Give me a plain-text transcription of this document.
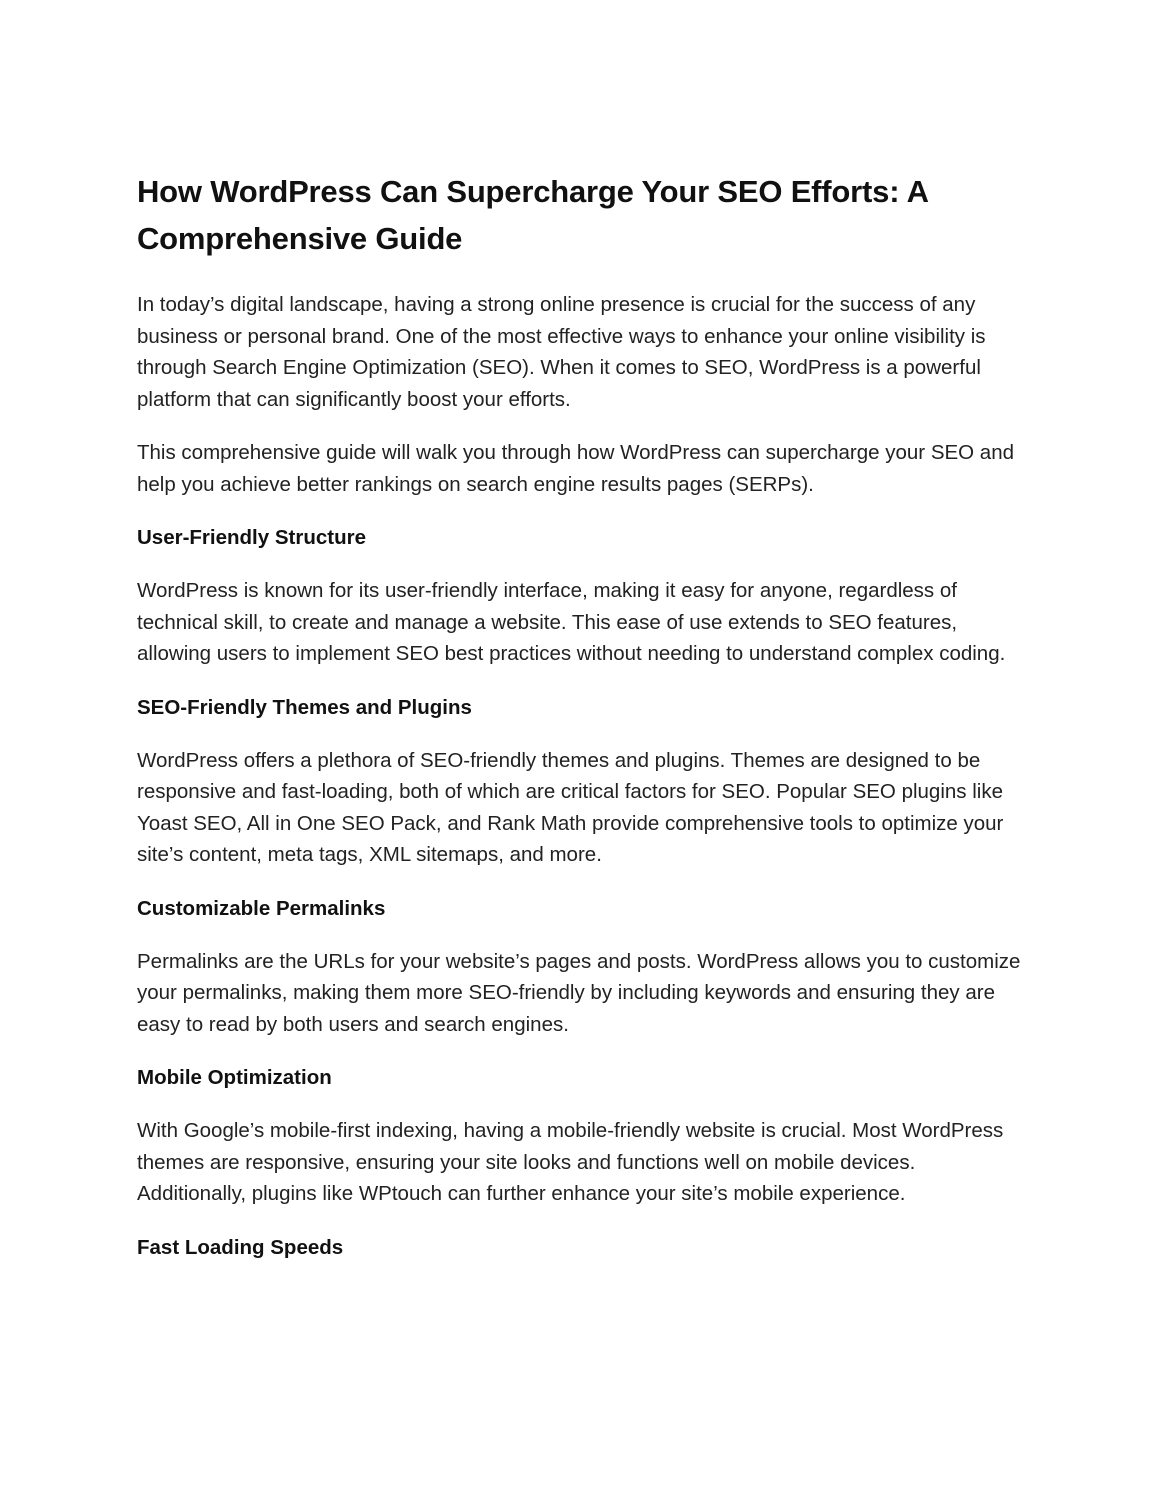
How WordPress Can Supercharge Your SEO Efforts: A Comprehensive Guide

In today’s digital landscape, having a strong online presence is crucial for the success of any business or personal brand. One of the most effective ways to enhance your online visibility is through Search Engine Optimization (SEO). When it comes to SEO, WordPress is a powerful platform that can significantly boost your efforts.

This comprehensive guide will walk you through how WordPress can supercharge your SEO and help you achieve better rankings on search engine results pages (SERPs).

User-Friendly Structure

WordPress is known for its user-friendly interface, making it easy for anyone, regardless of technical skill, to create and manage a website. This ease of use extends to SEO features, allowing users to implement SEO best practices without needing to understand complex coding.

SEO-Friendly Themes and Plugins

WordPress offers a plethora of SEO-friendly themes and plugins. Themes are designed to be responsive and fast-loading, both of which are critical factors for SEO. Popular SEO plugins like Yoast SEO, All in One SEO Pack, and Rank Math provide comprehensive tools to optimize your site’s content, meta tags, XML sitemaps, and more.

Customizable Permalinks

Permalinks are the URLs for your website’s pages and posts. WordPress allows you to customize your permalinks, making them more SEO-friendly by including keywords and ensuring they are easy to read by both users and search engines.

Mobile Optimization

With Google’s mobile-first indexing, having a mobile-friendly website is crucial. Most WordPress themes are responsive, ensuring your site looks and functions well on mobile devices. Additionally, plugins like WPtouch can further enhance your site’s mobile experience.

Fast Loading Speeds
